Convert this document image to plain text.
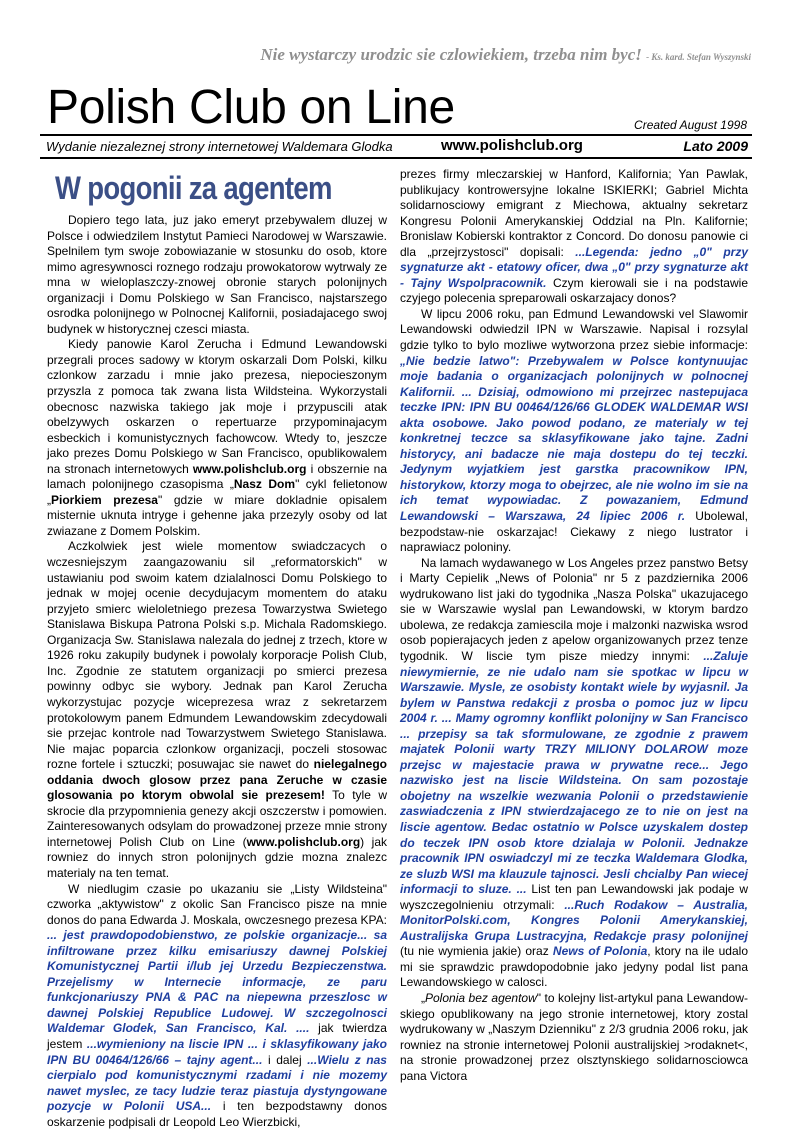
Nie wystarczy urodzic sie czlowiekiem, trzeba nim byc! - Ks. kard. Stefan Wyszynski
Polish Club on Line	Created August 1998
Wydanie niezaleznej strony internetowej Waldemara Glodka	www.polishclub.org	Lato 2009
W pogonii za agentem

Dopiero tego lata, juz jako emeryt przebywalem dluzej w Polsce i odwiedzilem Instytut Pamieci Narodowej w Warszawie. Spelnilem tym swoje zobowiazanie w stosunku do osob, ktore mimo agresywnosci roznego rodzaju prowokatorow wytrwaly ze mna w wieloplaszczy-znowej obronie starych polonijnych organizacji i Domu Polskiego w San Francisco, najstarszego osrodka polonijnego w Polnocnej Kalifornii, posiadajacego swoj budynek w historycznej czesci miasta.

Kiedy panowie Karol Zerucha i Edmund Lewandowski przegrali proces sadowy w ktorym oskarzali Dom Polski, kilku czlonkow zarzadu i mnie jako prezesa, niepocieszonym przyszla z pomoca tak zwana lista Wildsteina. Wykorzystali obecnosc nazwiska takiego jak moje i przypuscili atak obelzywych oskarzen o repertuarze przypominajacym esbeckich i komunistycznych fachowcow. Wtedy to, jeszcze jako prezes Domu Polskiego w San Francisco, opublikowalem na stronach internetowych www.polishclub.org i obszernie na lamach polonijnego czasopisma „Nasz Dom" cykl felietonow „Piorkiem prezesa" gdzie w miare dokladnie opisalem misternie uknuta intryge i gehenne jaka przezyly osoby od lat zwiazane z Domem Polskim.

Aczkolwiek jest wiele momentow swiadczacych o wczesniejszym zaangazowaniu sil „reformatorskich" w ustawianiu pod swoim katem dzialalnosci Domu Polskiego to jednak w mojej ocenie decydujacym momentem do ataku przyjeto smierc wieloletniego prezesa Towarzystwa Swietego Stanislawa Biskupa Patrona Polski s.p. Michala Radomskiego. Organizacja Sw. Stanislawa nalezala do jednej z trzech, ktore w 1926 roku zakupily budynek i powolaly korporacje Polish Club, Inc. Zgodnie ze statutem organizacji po smierci prezesa powinny odbyc sie wybory. Jednak pan Karol Zerucha wykorzystujac pozycje wiceprezesa wraz z sekretarzem protokolowym panem Edmundem Lewandowskim zdecydowali sie przejac kontrole nad Towarzystwem Swietego Stanislawa. Nie majac poparcia czlonkow organizacji, poczeli stosowac rozne fortele i sztuczki; posuwajac sie nawet do nielegalnego oddania dwoch glosow przez pana Zeruche w czasie glosowania po ktorym obwolal sie prezesem! To tyle w skrocie dla przypomnienia genezy akcji oszczerstw i pomowien. Zainteresowanych odsylam do prowadzonej przeze mnie strony internetowej Polish Club on Line (www.polishclub.org) jak rowniez do innych stron polonijnych gdzie mozna znalezc materialy na ten temat.

W niedlugim czasie po ukazaniu sie „Listy Wildsteina" czworka „aktywistow" z okolic San Francisco pisze na mnie donos do pana Edwarda J. Moskala, owczesnego prezesa KPA: ... jest prawdopodobienstwo, ze polskie organizacje... sa infiltrowane przez kilku emisariuszy dawnej Polskiej Komunistycznej Partii i/lub jej Urzedu Bezpieczenstwa. Przejelismy w Internecie informacje, ze paru funkcjonariuszy PNA & PAC na niepewna przeszlosc w dawnej Polskiej Republice Ludowej. W szczegolnosci Waldemar Glodek, San Francisco, Kal. .... jak twierdza jestem ...wymieniony na liscie IPN ... i sklasyfikowany jako IPN BU 00464/126/66 – tajny agent... i dalej ...Wielu z nas cierpialo pod komunistycznymi rzadami i nie mozemy nawet myslec, ze tacy ludzie teraz piastuja dystyngowane pozycje w Polonii USA... i ten bezpodstawny donos oskarzenie podpisali dr Leopold Leo Wierzbicki,

prezes firmy mleczarskiej w Hanford, Kalifornia; Yan Pawlak, publikujacy kontrowersyjne lokalne ISKIERKI; Gabriel Michta solidarnosciowy emigrant z Miechowa, aktualny sekretarz Kongresu Polonii Amerykanskiej Oddzial na Pln. Kalifornie; Bronislaw Kobierski kontraktor z Concord. Do donosu panowie ci dla „przejrzystosci" dopisali: ...Legenda: jedno „0" przy sygnaturze akt - etatowy oficer, dwa „0" przy sygnaturze akt - Tajny Wspolpracownik. Czym kierowali sie i na podstawie czyjego polecenia spreparowali oskarzajacy donos?

W lipcu 2006 roku, pan Edmund Lewandowski vel Slawomir Lewandowski odwiedzil IPN w Warszawie. Napisal i rozsylal gdzie tylko to bylo mozliwe wytworzona przez siebie informacje: „Nie bedzie latwo": Przebywalem w Polsce kontynuujac moje badania o organizacjach polonijnych w polnocnej Kalifornii. ... Dzisiaj, odmowiono mi przejrzec nastepujaca teczke IPN: IPN BU 00464/126/66 GLODEK WALDEMAR WSI akta osobowe. Jako powod podano, ze materialy w tej konkretnej teczce sa sklasyfikowane jako tajne. Zadni historycy, ani badacze nie maja dostepu do tej teczki. Jedynym wyjatkiem jest garstka pracownikow IPN, historykow, ktorzy moga to obejrzec, ale nie wolno im sie na ich temat wypowiadac. Z powazaniem, Edmund Lewandowski – Warszawa, 24 lipiec 2006 r. Ubolewal, bezpodstaw-nie oskarzajac! Ciekawy z niego lustrator i naprawiacz poloniny.

Na lamach wydawanego w Los Angeles przez panstwo Betsy i Marty Cepielik „News of Polonia" nr 5 z pazdziernika 2006 wydrukowano list jaki do tygodnika „Nasza Polska" ukazujacego sie w Warszawie wyslal pan Lewandowski, w ktorym bardzo ubolewa, ze redakcja zamiescila moje i malzonki nazwiska wsrod osob popierajacych jeden z apelow organizowanych przez tenze tygodnik. W liscie tym pisze miedzy innymi: ...Zaluje niewymiernie, ze nie udalo nam sie spotkac w lipcu w Warszawie. Mysle, ze osobisty kontakt wiele by wyjasnil. Ja bylem w Panstwa redakcji z prosba o pomoc juz w lipcu 2004 r. ... Mamy ogromny konflikt polonijny w San Francisco ... przepisy sa tak sformulowane, ze zgodnie z prawem majatek Polonii warty TRZY MILIONY DOLAROW moze przejsc w majestacie prawa w prywatne rece... Jego nazwisko jest na liscie Wildsteina. On sam pozostaje obojetny na wszelkie wezwania Polonii o przedstawienie zaswiadczenia z IPN stwierdzajacego ze to nie on jest na liscie agentow. Bedac ostatnio w Polsce uzyskalem dostep do teczek IPN osob ktore dzialaja w Polonii. Jednakze pracownik IPN oswiadczyl mi ze teczka Waldemara Glodka, ze sluzb WSI ma klauzule tajnosci. Jesli chcialby Pan wiecej informacji to sluze. ... List ten pan Lewandowski jak podaje w wyszczegolnieniu otrzymali: ...Ruch Rodakow – Australia, MonitorPolski.com, Kongres Polonii Amerykanskiej, Australijska Grupa Lustracyjna, Redakcje prasy polonijnej (tu nie wymienia jakie) oraz News of Polonia, ktory na ile udalo mi sie sprawdzic prawdopodobnie jako jedyny podal list pana Lewandowskiego w calosci.

„Polonia bez agentow" to kolejny list-artykul pana Lewandow-skiego opublikowany na jego stronie internetowej, ktory zostal wydrukowany w „Naszym Dzienniku" z 2/3 grudnia 2006 roku, jak rowniez na stronie internetowej Polonii australijskiej >rodaknet<, na stronie prowadzonej przez olsztynskiego solidarnosciowca pana Victora
